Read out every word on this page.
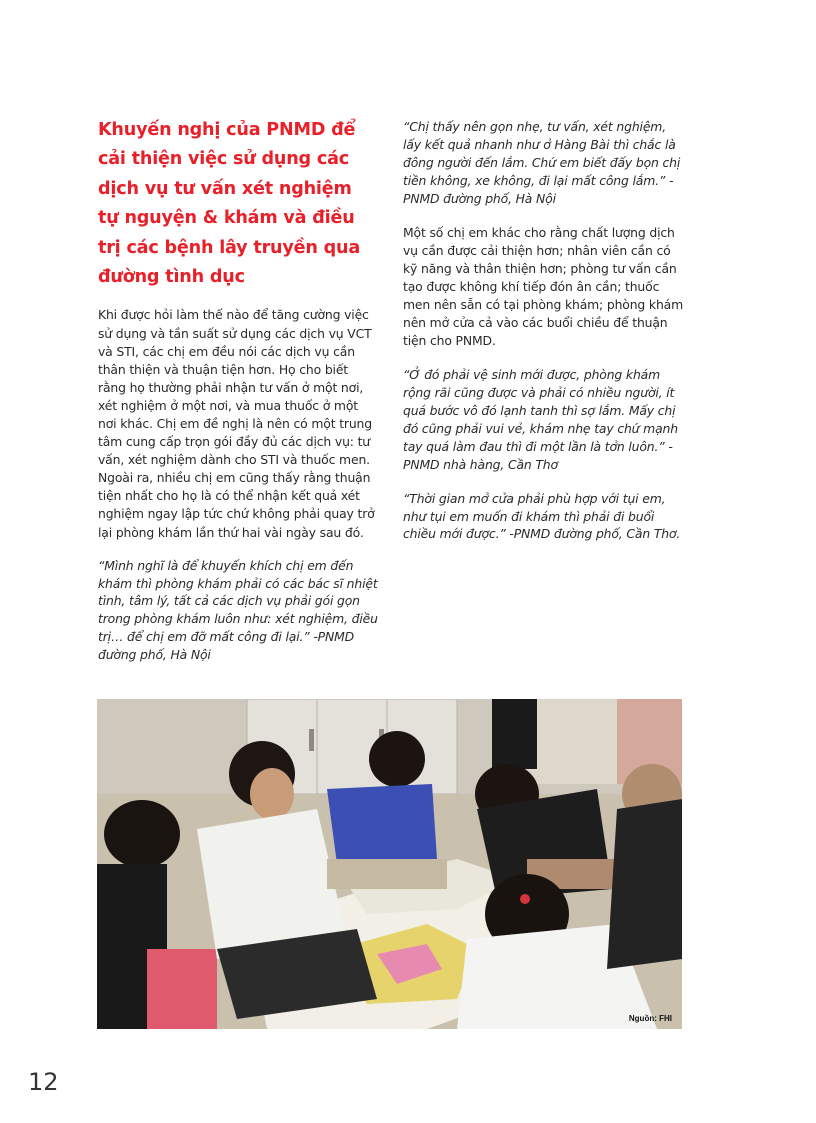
Khuyến nghị của PNMD để cải thiện việc sử dụng các dịch vụ tư vấn xét nghiệm tự nguyện & khám và điều trị các bệnh lây truyền qua đường tình dục

Khi được hỏi làm thế nào để tăng cường việc sử dụng và tần suất sử dụng các dịch vụ VCT và STI, các chị em đều nói các dịch vụ cần thân thiện và thuận tiện hơn. Họ cho biết rằng họ thường phải nhận tư vấn ở một nơi, xét nghiệm ở một nơi, và mua thuốc ở một nơi khác. Chị em đề nghị là nên có một trung tâm cung cấp trọn gói đầy đủ các dịch vụ: tư vấn, xét nghiệm dành cho STI và thuốc men. Ngoài ra, nhiều chị em cũng thấy rằng thuận tiện nhất cho họ là có thể nhận kết quả xét nghiệm ngay lập tức chứ không phải quay trở lại phòng khám lần thứ hai vài ngày sau đó.

“Mình nghĩ là để khuyến khích chị em đến khám thì phòng khám phải có các bác sĩ nhiệt tình, tâm lý, tất cả các dịch vụ phải gói gọn trong phòng khám luôn như: xét nghiệm, điều trị… để chị em đỡ mất công đi lại.” -PNMD đường phố, Hà Nội

“Chị thấy nên gọn nhẹ, tư vấn, xét nghiệm, lấy kết quả nhanh như ở Hàng Bài thì chắc là đông người đến lắm. Chứ em biết đấy bọn chị tiền không, xe không, đi lại mất công lắm.” -PNMD đường phố, Hà Nội

Một số chị em khác cho rằng chất lượng dịch vụ cần được cải thiện hơn; nhân viên cần có kỹ năng và thân thiện hơn; phòng tư vấn cần tạo được không khí tiếp đón ân cần; thuốc men nên sẵn có tại phòng khám; phòng khám nên mở cửa cả vào các buổi chiều để thuận tiện cho PNMD.

“Ở đó phải vệ sinh mới được, phòng khám rộng rãi cũng được và phải có nhiều người, ít quá bước vô đó lạnh tanh thì sợ lắm. Mấy chị đó cũng phải vui vẻ, khám nhẹ tay chứ mạnh tay quá làm đau thì đi một lần là tởn luôn.” -PNMD nhà hàng, Cần Thơ

“Thời gian mở cửa phải phù hợp với tụi em, như tụi em muốn đi khám thì phải đi buổi chiều mới được.” -PNMD đường phố, Cần Thơ.

Nguồn: FHI
12
